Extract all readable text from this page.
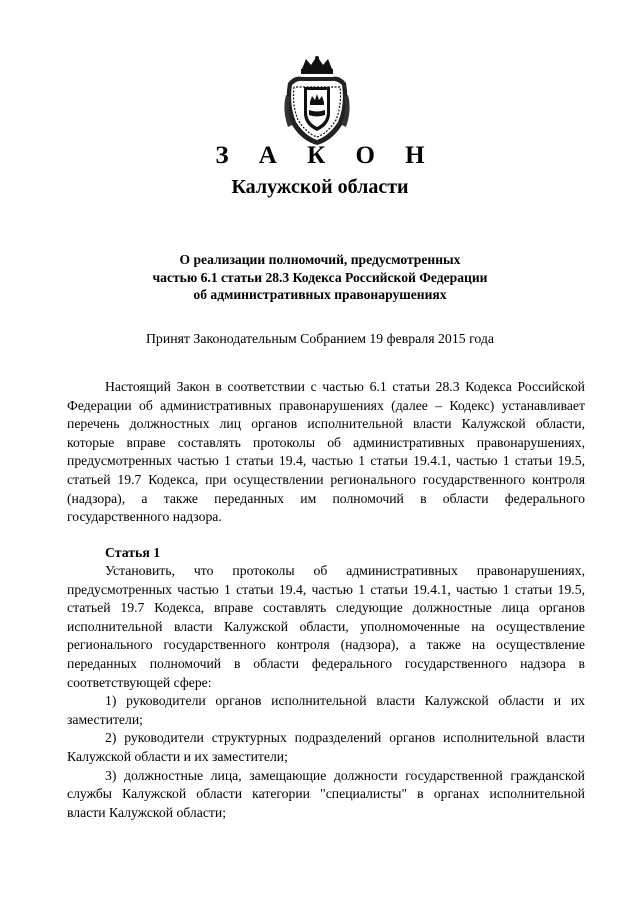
З А К О Н
Калужской области
О реализации полномочий, предусмотренных
частью 6.1 статьи 28.3 Кодекса Российской Федерации
об административных правонарушениях
Принят Законодательным Собранием 19 февраля 2015 года
Настоящий Закон в соответствии с частью 6.1 статьи 28.3 Кодекса Российской
Федерации об административных правонарушениях (далее – Кодекс) устанавливает
перечень должностных лиц органов исполнительной власти Калужской области,
которые вправе составлять протоколы об административных правонарушениях,
предусмотренных частью 1 статьи 19.4, частью 1 статьи 19.4.1, частью 1 статьи 19.5,
статьей 19.7 Кодекса, при осуществлении регионального государственного контроля
(надзора), а также переданных им полномочий в области федерального
государственного надзора.
Статья 1
Установить, что протоколы об административных правонарушениях,
предусмотренных частью 1 статьи 19.4, частью 1 статьи 19.4.1, частью 1 статьи 19.5,
статьей 19.7 Кодекса, вправе составлять следующие должностные лица органов
исполнительной власти Калужской области, уполномоченные на осуществление
регионального государственного контроля (надзора), а также на осуществление
переданных полномочий в области федерального государственного надзора в
соответствующей сфере:
1) руководители органов исполнительной власти Калужской области и их
заместители;
2) руководители структурных подразделений органов исполнительной власти
Калужской области и их заместители;
3) должностные лица, замещающие должности государственной гражданской
службы Калужской области категории "специалисты" в органах исполнительной
власти Калужской области;
